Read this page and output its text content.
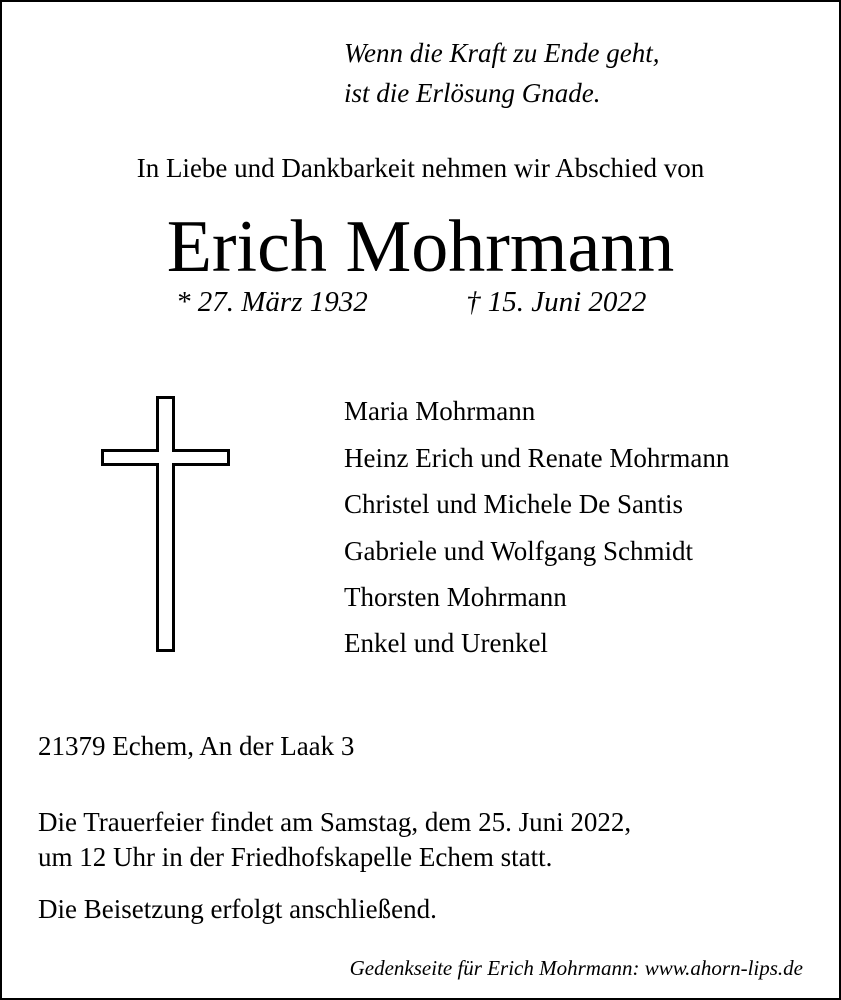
Wenn die Kraft zu Ende geht,
ist die Erlösung Gnade.
In Liebe und Dankbarkeit nehmen wir Abschied von
Erich Mohrmann
* 27. März 1932	† 15. Juni 2022
Maria Mohrmann
Heinz Erich und Renate Mohrmann
Christel und Michele De Santis
Gabriele und Wolfgang Schmidt
Thorsten Mohrmann
Enkel und Urenkel
21379 Echem, An der Laak 3
Die Trauerfeier findet am Samstag, dem 25. Juni 2022,
um 12 Uhr in der Friedhofskapelle Echem statt.
Die Beisetzung erfolgt anschließend.
Gedenkseite für Erich Mohrmann: www.ahorn-lips.de
